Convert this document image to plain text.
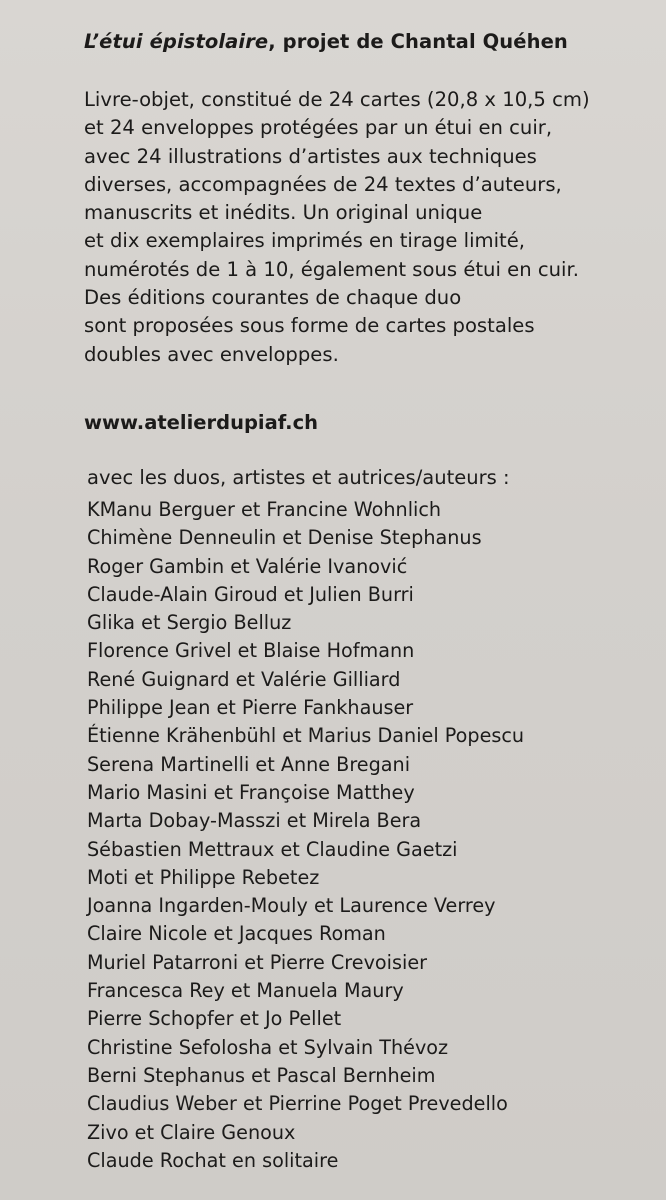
L’étui épistolaire, projet de Chantal Quéhen
Livre-objet, constitué de 24 cartes (20,8 x 10,5 cm)
et 24 enveloppes protégées par un étui en cuir,
avec 24 illustrations d’artistes aux techniques
diverses, accompagnées de 24 textes d’auteurs,
manuscrits et inédits. Un original unique
et dix exemplaires imprimés en tirage limité,
numérotés de 1 à 10, également sous étui en cuir.
Des éditions courantes de chaque duo
sont proposées sous forme de cartes postales
doubles avec enveloppes.
www.atelierdupiaf.ch
avec les duos, artistes et autrices/auteurs :
KManu Berguer et Francine Wohnlich
Chimène Denneulin et Denise Stephanus
Roger Gambin et Valérie Ivanović
Claude-Alain Giroud et Julien Burri
Glika et Sergio Belluz
Florence Grivel et Blaise Hofmann
René Guignard et Valérie Gilliard
Philippe Jean et Pierre Fankhauser
Étienne Krähenbühl et Marius Daniel Popescu
Serena Martinelli et Anne Bregani
Mario Masini et Françoise Matthey
Marta Dobay-Masszi et Mirela Bera
Sébastien Mettraux et Claudine Gaetzi
Moti et Philippe Rebetez
Joanna Ingarden-Mouly et Laurence Verrey
Claire Nicole et Jacques Roman
Muriel Patarroni et Pierre Crevoisier
Francesca Rey et Manuela Maury
Pierre Schopfer et Jo Pellet
Christine Sefolosha et Sylvain Thévoz
Berni Stephanus et Pascal Bernheim
Claudius Weber et Pierrine Poget Prevedello
Zivo et Claire Genoux
Claude Rochat en solitaire
